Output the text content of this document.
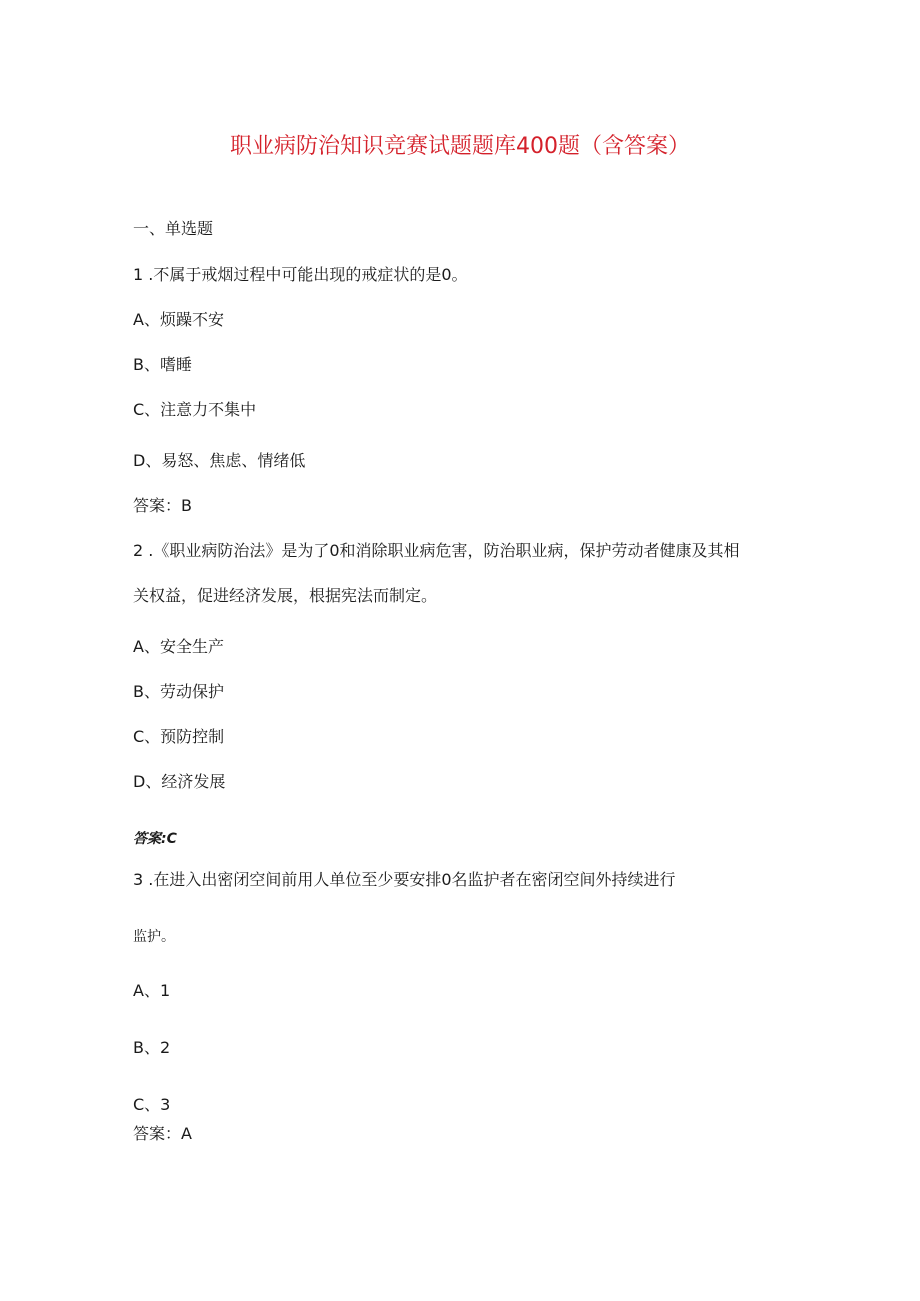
职业病防治知识竞赛试题题库400题（含答案）
一、单选题
1 .不属于戒烟过程中可能出现的戒症状的是0。
A、烦躁不安
B、嗜睡
C、注意力不集中
D、易怒、焦虑、情绪低
答案：B
2 .《职业病防治法》是为了0和消除职业病危害，防治职业病，保护劳动者健康及其相
关权益，促进经济发展，根据宪法而制定。
A、安全生产
B、劳动保护
C、预防控制
D、经济发展
答案:C
3 .在进入出密闭空间前用人单位至少要安排0名监护者在密闭空间外持续进行
监护。
A、1
B、2
C、3
答案：A
